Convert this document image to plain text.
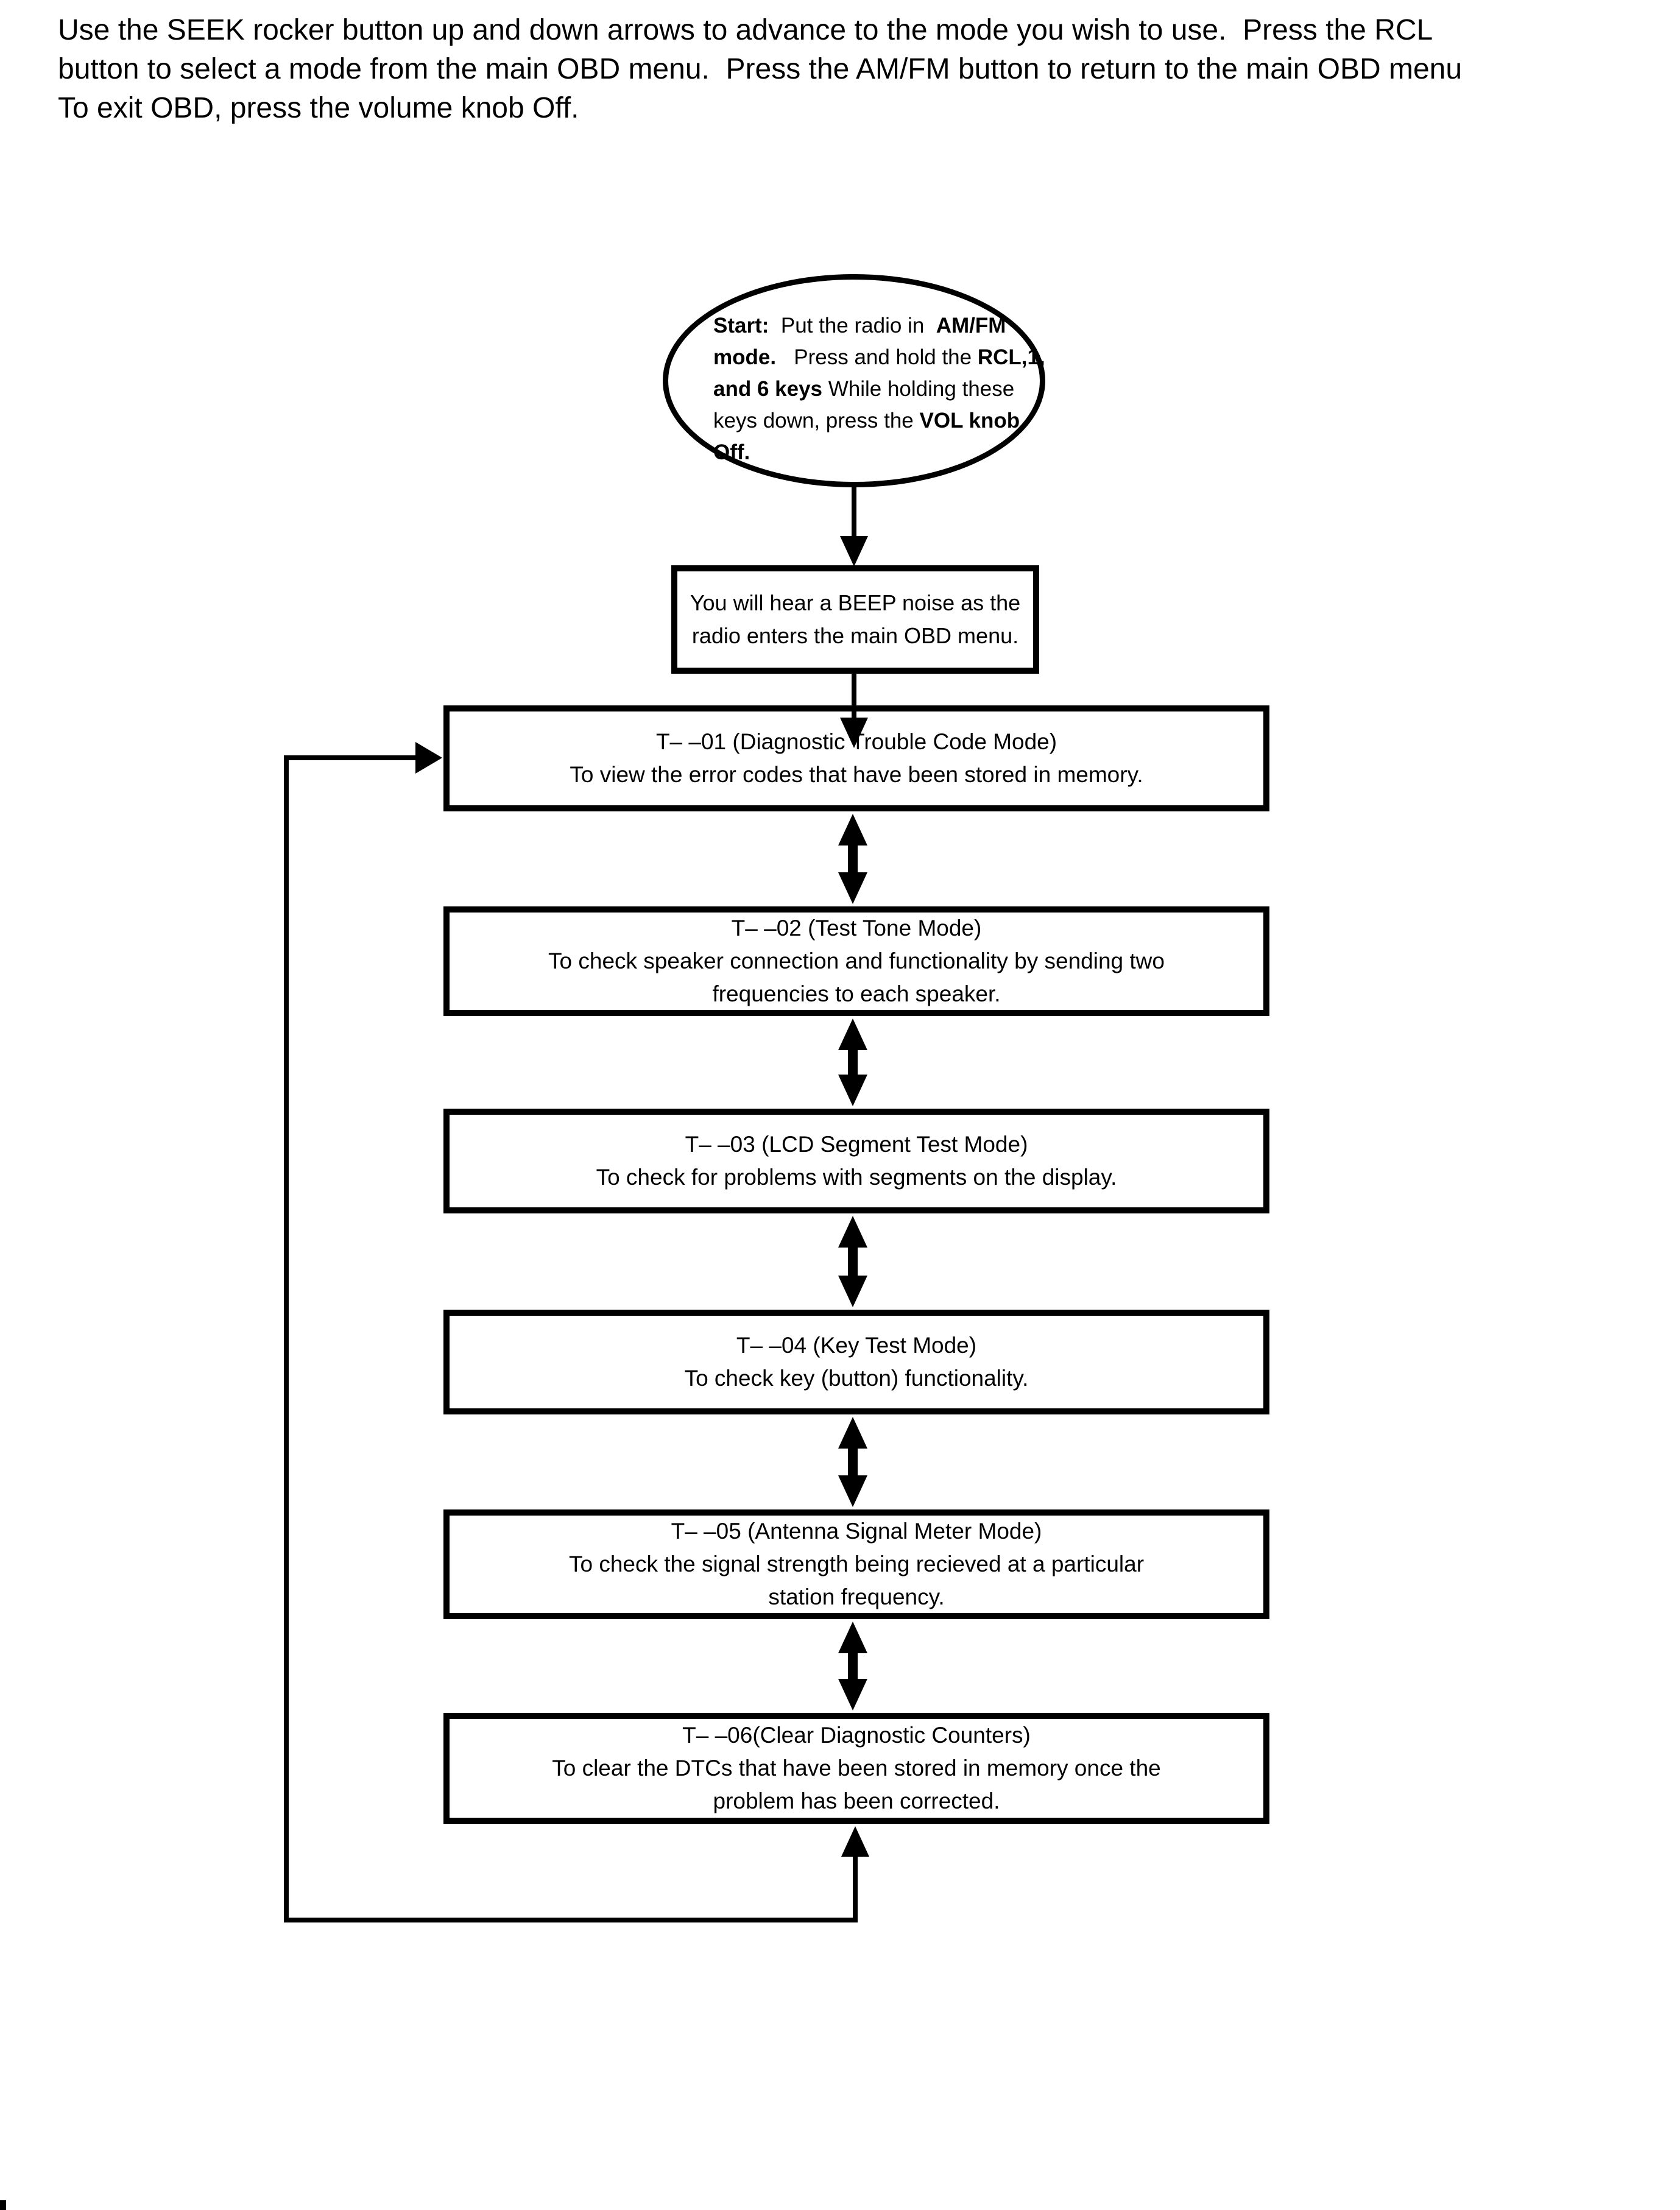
Use the SEEK rocker button up and down arrows to advance to the mode you wish to use.  Press the RCL
button to select a mode from the main OBD menu.  Press the AM/FM button to return to the main OBD menu
To exit OBD, press the volume knob Off.
Start:  Put the radio in  AM/FM
mode.   Press and hold the RCL,1,
and 6 keys While holding these
keys down, press the VOL knob
Off.
You will hear a BEEP noise as the
radio enters the main OBD menu.
T– –01 (Diagnostic Trouble Code Mode)
To view the error codes that have been stored in memory.
T– –02 (Test Tone Mode)
To check speaker connection and functionality by sending two
frequencies to each speaker.
T– –03 (LCD Segment Test Mode)
To check for problems with segments on the display.
T– –04 (Key Test Mode)
To check key (button) functionality.
T– –05 (Antenna Signal Meter Mode)
To check the signal strength being recieved at a particular
station frequency.
T– –06(Clear Diagnostic Counters)
To clear the DTCs that have been stored in memory once the
problem has been corrected.
